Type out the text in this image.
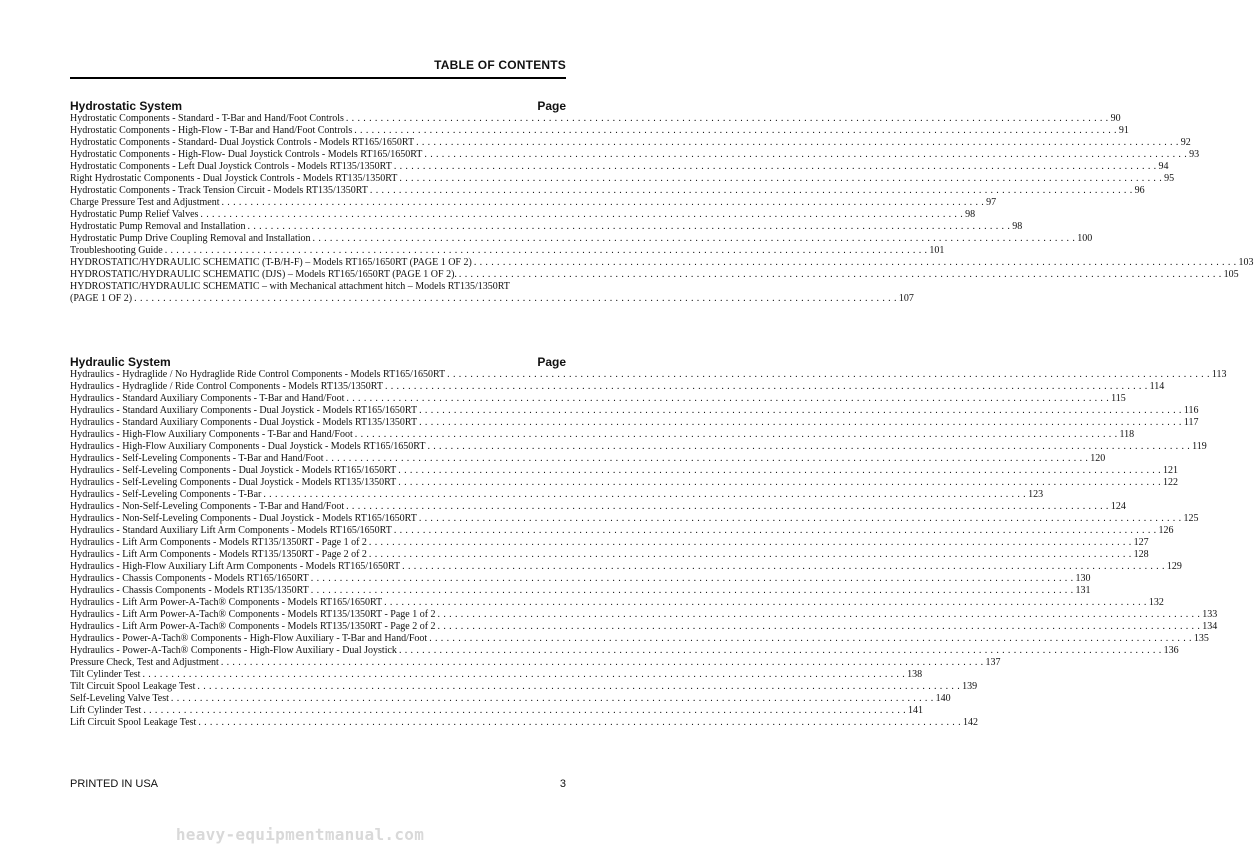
TABLE OF CONTENTS
Hydrostatic System	Page
Hydrostatic Components - Standard - T-Bar and Hand/Foot Controls . . .	90
Hydrostatic Components - High-Flow - T-Bar and Hand/Foot Controls . . .	91
Hydrostatic Components - Standard- Dual Joystick Controls - Models RT165/1650RT . . .	92
Hydrostatic Components - High-Flow- Dual Joystick Controls - Models RT165/1650RT . . .	93
Hydrostatic Components - Left Dual Joystick Controls - Models RT135/1350RT . . .	94
Right Hydrostatic Components - Dual Joystick Controls - Models RT135/1350RT . . .	95
Hydrostatic Components - Track Tension Circuit - Models RT135/1350RT . . .	96
Charge Pressure Test and Adjustment . . .	97
Hydrostatic Pump Relief Valves . . .	98
Hydrostatic Pump Removal and Installation . . .	98
Hydrostatic Pump Drive Coupling Removal and Installation . . .	100
Troubleshooting Guide . . .	101
HYDROSTATIC/HYDRAULIC SCHEMATIC (T-B/H-F) – Models RT165/1650RT (PAGE 1 OF 2) . . .	103
HYDROSTATIC/HYDRAULIC SCHEMATIC (DJS) – Models RT165/1650RT (PAGE 1 OF 2). . . .	105
HYDROSTATIC/HYDRAULIC SCHEMATIC – with Mechanical attachment hitch – Models RT135/1350RT
(PAGE 1 OF 2) . . .	107
Hydraulic System	Page
Hydraulics - Hydraglide / No Hydraglide Ride Control Components - Models RT165/1650RT . . .	113
Hydraulics - Hydraglide / Ride Control Components - Models RT135/1350RT . . .	114
Hydraulics - Standard Auxiliary Components - T-Bar and Hand/Foot . . .	115
Hydraulics - Standard Auxiliary Components - Dual Joystick - Models RT165/1650RT . . .	116
Hydraulics - Standard Auxiliary Components - Dual Joystick - Models RT135/1350RT . . .	117
Hydraulics - High-Flow Auxiliary Components - T-Bar and Hand/Foot . . .	118
Hydraulics - High-Flow Auxiliary Components - Dual Joystick - Models RT165/1650RT . . .	119
Hydraulics - Self-Leveling Components - T-Bar and Hand/Foot . . .	120
Hydraulics - Self-Leveling Components - Dual Joystick - Models RT165/1650RT . . .	121
Hydraulics - Self-Leveling Components - Dual Joystick - Models RT135/1350RT . . .	122
Hydraulics - Self-Leveling Components - T-Bar . . .	123
Hydraulics - Non-Self-Leveling Components - T-Bar and Hand/Foot . . .	124
Hydraulics - Non-Self-Leveling Components - Dual Joystick - Models RT165/1650RT . . .	125
Hydraulics - Standard Auxiliary Lift Arm Components - Models RT165/1650RT . . .	126
Hydraulics - Lift Arm Components - Models RT135/1350RT - Page 1 of 2 . . .	127
Hydraulics - Lift Arm Components - Models RT135/1350RT - Page 2 of 2 . . .	128
Hydraulics - High-Flow Auxiliary Lift Arm Components - Models RT165/1650RT . . .	129
Hydraulics - Chassis Components - Models RT165/1650RT . . .	130
Hydraulics - Chassis Components - Models RT135/1350RT . . .	131
Hydraulics - Lift Arm Power-A-Tach® Components - Models RT165/1650RT . . .	132
Hydraulics - Lift Arm Power-A-Tach® Components - Models RT135/1350RT - Page 1 of 2 . . .	133
Hydraulics - Lift Arm Power-A-Tach® Components - Models RT135/1350RT - Page 2 of 2 . . .	134
Hydraulics - Power-A-Tach® Components - High-Flow Auxiliary - T-Bar and Hand/Foot . . .	135
Hydraulics - Power-A-Tach® Components - High-Flow Auxiliary - Dual Joystick . . .	136
Pressure Check, Test and Adjustment . . .	137
Tilt Cylinder Test . . .	138
Tilt Circuit Spool Leakage Test . . .	139
Self-Leveling Valve Test . . .	140
Lift Cylinder Test . . .	141
Lift Circuit Spool Leakage Test . . .	142
PRINTED IN USA	3
heavy-equipmentmanual.com
